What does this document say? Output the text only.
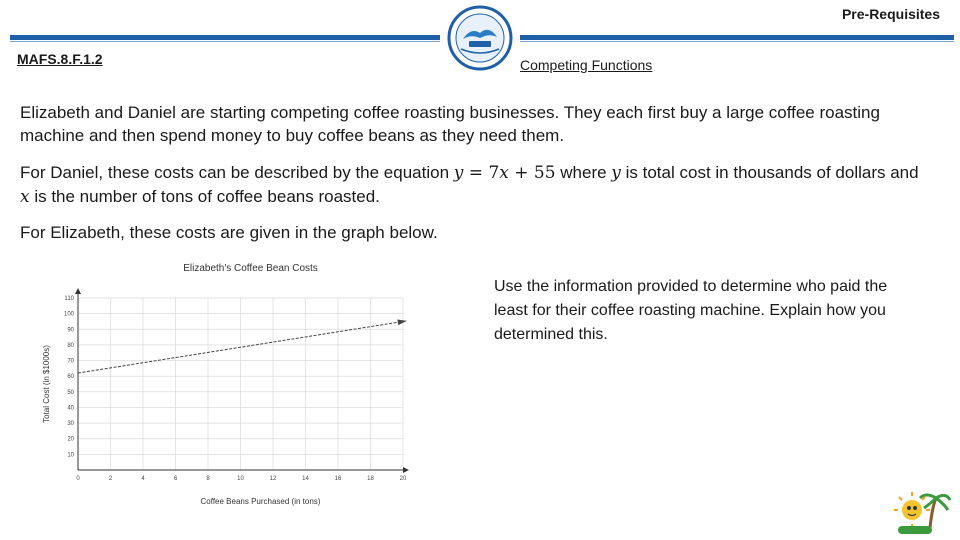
Pre-Requisites
MAFS.8.F.1.2	Competing Functions
Elizabeth and Daniel are starting competing coffee roasting businesses. They each first buy a large coffee roasting machine and then spend money to buy coffee beans as they need them.
For Daniel, these costs can be described by the equation y = 7x + 55 where y is total cost in thousands of dollars and x is the number of tons of coffee beans roasted.
For Elizabeth, these costs are given in the graph below.
Use the information provided to determine who paid the least for their coffee roasting machine. Explain how you determined this.
Elizabeth's Coffee Bean Costs
0	2	4	6	8	10	12	14	16	18	20
10
20
30
40
50
60
70
80
90
100
110
Coffee Beans Purchased (in tons)
Total Cost (in $1000s)
